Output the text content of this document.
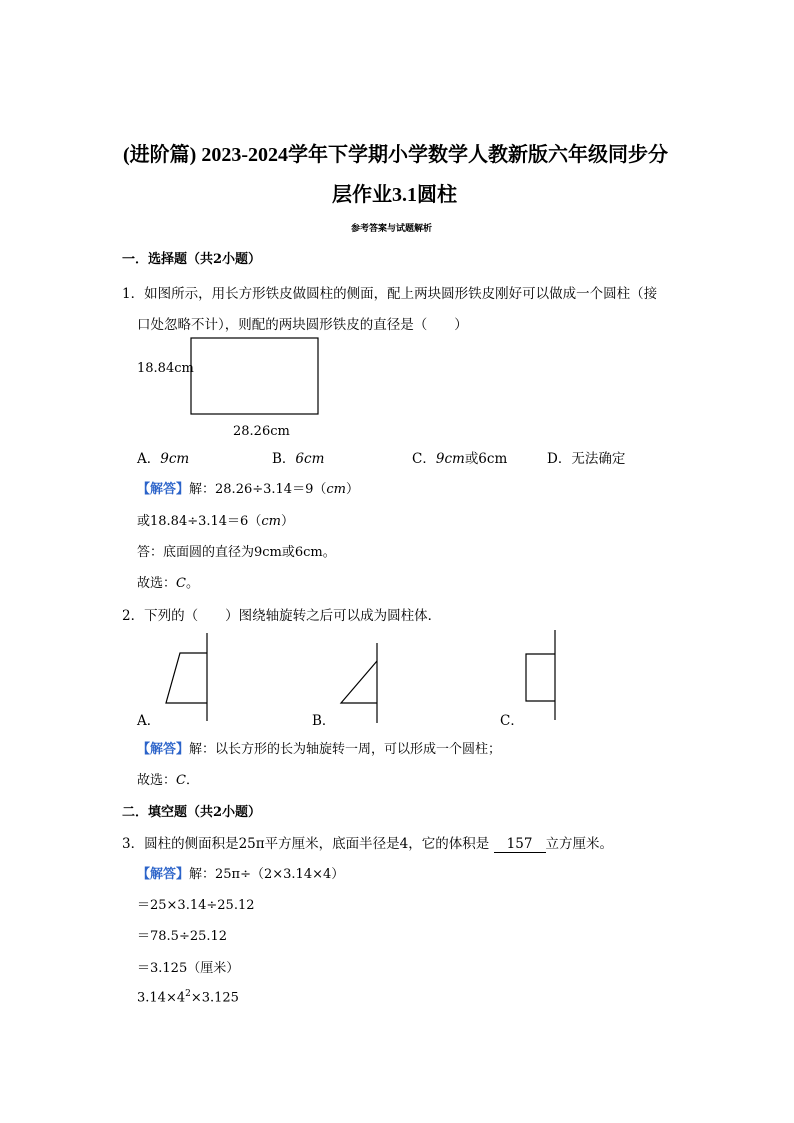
(进阶篇) 2023-2024学年下学期小学数学人教新版六年级同步分
层作业3.1圆柱
参考答案与试题解析
一．选择题（共2小题）
1．如图所示，用长方形铁皮做圆柱的侧面，配上两块圆形铁皮刚好可以做成一个圆柱（接
口处忽略不计），则配的两块圆形铁皮的直径是（　　）
18.84cm
28.26cm
A．9cm	B．6cm	C．9cm或6cm	D．无法确定
【解答】解：28.26÷3.14＝9（cm）
或18.84÷3.14＝6（cm）
答：底面圆的直径为9cm或6cm。
故选：C。
2．下列的（　　）图绕轴旋转之后可以成为圆柱体．
A．	B．	C．
【解答】解：以长方形的长为轴旋转一周，可以形成一个圆柱；
故选：C．
二．填空题（共2小题）
3．圆柱的侧面积是25π平方厘米，底面半径是4，它的体积是 157 立方厘米。
【解答】解：25π÷（2×3.14×4）
＝25×3.14÷25.12
＝78.5÷25.12
＝3.125（厘米）
$3.14\times 4^2\times 3.125$
